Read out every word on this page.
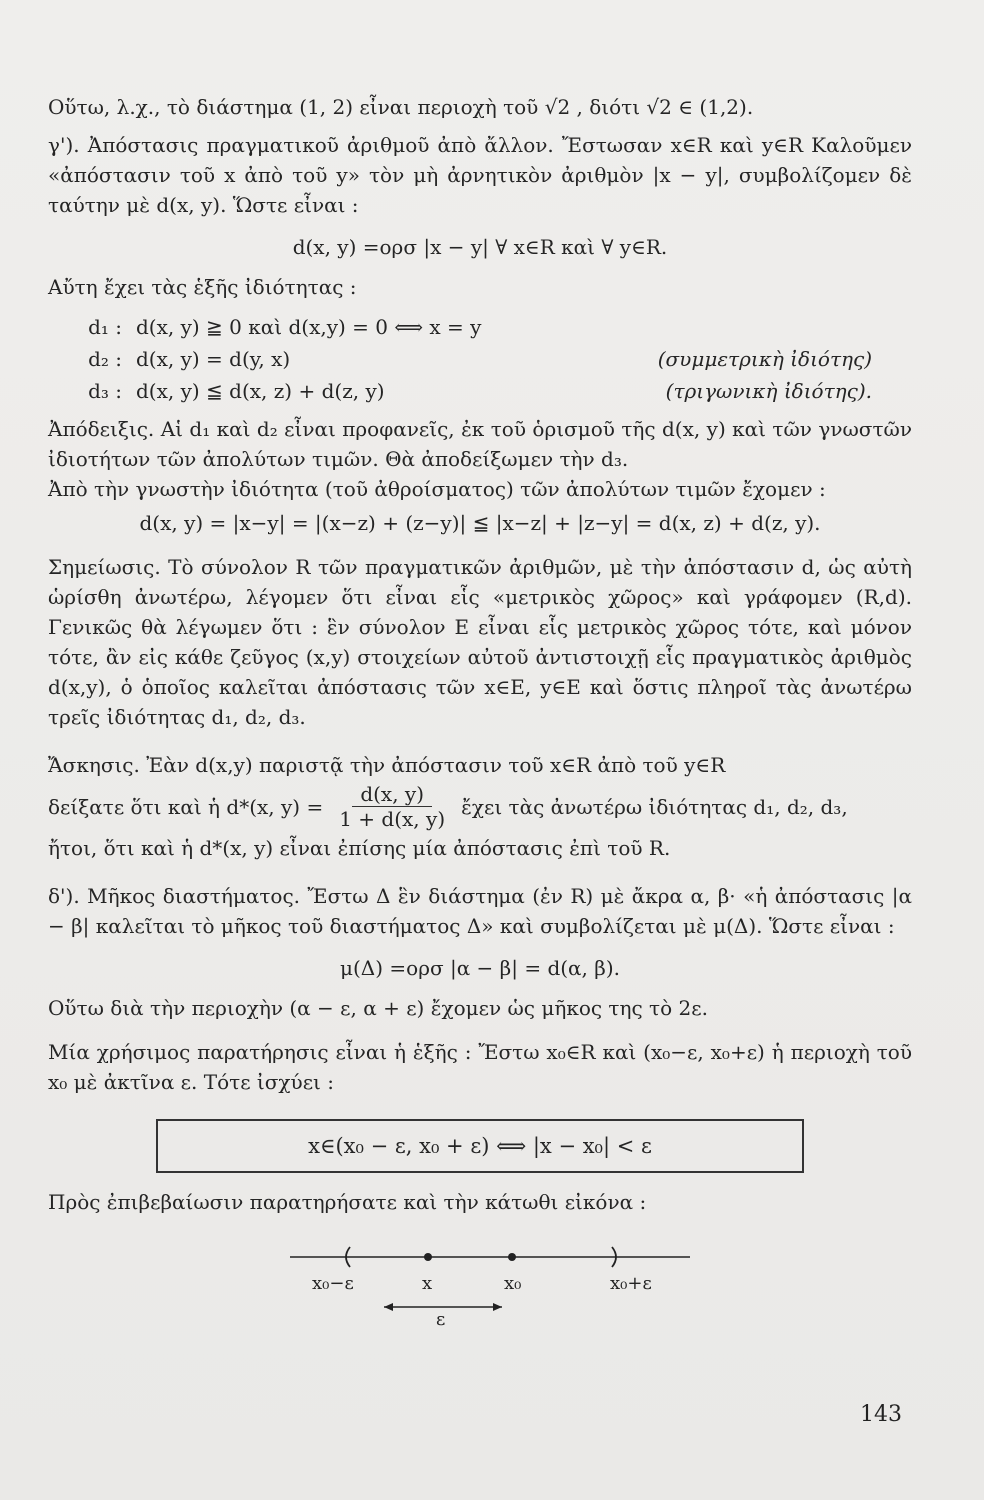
Οὕτω, λ.χ., τὸ διάστημα (1, 2) εἶναι περιοχὴ τοῦ √2 , διότι √2 ∈ (1,2).

γ'). Ἀπόστασις πραγματικοῦ ἀριθμοῦ ἀπὸ ἄλλον. Ἔστωσαν x∈R καὶ y∈R Καλοῦμεν «ἀπόστασιν τοῦ x ἀπὸ τοῦ y» τὸν μὴ ἀρνητικὸν ἀριθμὸν |x − y|, συμβολίζομεν δὲ ταύτην μὲ d(x, y). Ὥστε εἶναι :

d(x, y) =ορσ |x − y| ∀ x∈R καὶ ∀ y∈R.

Αὔτη ἔχει τὰς ἑξῆς ἰδιότητας :

d₁ : d(x, y) ≧ 0 καὶ d(x,y) = 0 ⟺ x = y
d₂ : d(x, y) = d(y, x)	(συμμετρικὴ ἰδιότης)
d₃ : d(x, y) ≦ d(x, z) + d(z, y)	(τριγωνικὴ ἰδιότης).

Ἀπόδειξις. Αἱ d₁ καὶ d₂ εἶναι προφανεῖς, ἐκ τοῦ ὁρισμοῦ τῆς d(x, y) καὶ τῶν γνωστῶν ἰδιοτήτων τῶν ἀπολύτων τιμῶν. Θὰ ἀποδείξωμεν τὴν d₃.

Ἀπὸ τὴν γνωστὴν ἰδιότητα (τοῦ ἀθροίσματος) τῶν ἀπολύτων τιμῶν ἔχομεν :

d(x, y) = |x−y| = |(x−z) + (z−y)| ≦ |x−z| + |z−y| = d(x, z) + d(z, y).

Σημείωσις. Τὸ σύνολον R τῶν πραγματικῶν ἀριθμῶν, μὲ τὴν ἀπόστασιν d, ὡς αὐτὴ ὡρίσθη ἀνωτέρω, λέγομεν ὅτι εἶναι εἷς «μετρικὸς χῶρος» καὶ γράφομεν (R,d). Γενικῶς θὰ λέγωμεν ὅτι : ἓν σύνολον E εἶναι εἷς μετρικὸς χῶρος τότε, καὶ μόνον τότε, ἂν εἰς κάθε ζεῦγος (x,y) στοιχείων αὐτοῦ ἀντιστοιχῇ εἷς πραγματικὸς ἀριθμὸς d(x,y), ὁ ὁποῖος καλεῖται ἀπόστασις τῶν x∈E, y∈E καὶ ὅστις πληροῖ τὰς ἀνωτέρω τρεῖς ἰδιότητας d₁, d₂, d₃.

Ἄσκησις. Ἐὰν d(x,y) παριστᾷ τὴν ἀπόστασιν τοῦ x∈R ἀπὸ τοῦ y∈R

δείξατε ὅτι καὶ ἡ d*(x, $y) = \frac{d(x, y)}{1 + d(x, y)}$ ἔχει τὰς ἀνωτέρω ἰδιότητας d₁, d₂, d₃,

ἤτοι, ὅτι καὶ ἡ d*(x, y) εἶναι ἐπίσης μία ἀπόστασις ἐπὶ τοῦ R.

δ'). Μῆκος διαστήματος. Ἔστω Δ ἓν διάστημα (ἐν R) μὲ ἄκρα α, β· «ἡ ἀπόστασις |α − β| καλεῖται τὸ μῆκος τοῦ διαστήματος Δ» καὶ συμβολίζεται μὲ μ(Δ). Ὥστε εἶναι :

μ(Δ) =ορσ |α − β| = d(α, β).

Οὕτω διὰ τὴν περιοχὴν (α − ε, α + ε) ἔχομεν ὡς μῆκος της τὸ 2ε.

Μία χρήσιμος παρατήρησις εἶναι ἡ ἑξῆς : Ἔστω x₀∈R καὶ (x₀−ε, x₀+ε) ἡ περιοχὴ τοῦ x₀ μὲ ἀκτῖνα ε. Τότε ἰσχύει :

x∈(x₀ − ε, x₀ + ε) ⟺ |x − x₀| < ε

Πρὸς ἐπιβεβαίωσιν παρατηρήσατε καὶ τὴν κάτωθι εἰκόνα :

x₀−ε	x	x₀	x₀+ε
ε
143
